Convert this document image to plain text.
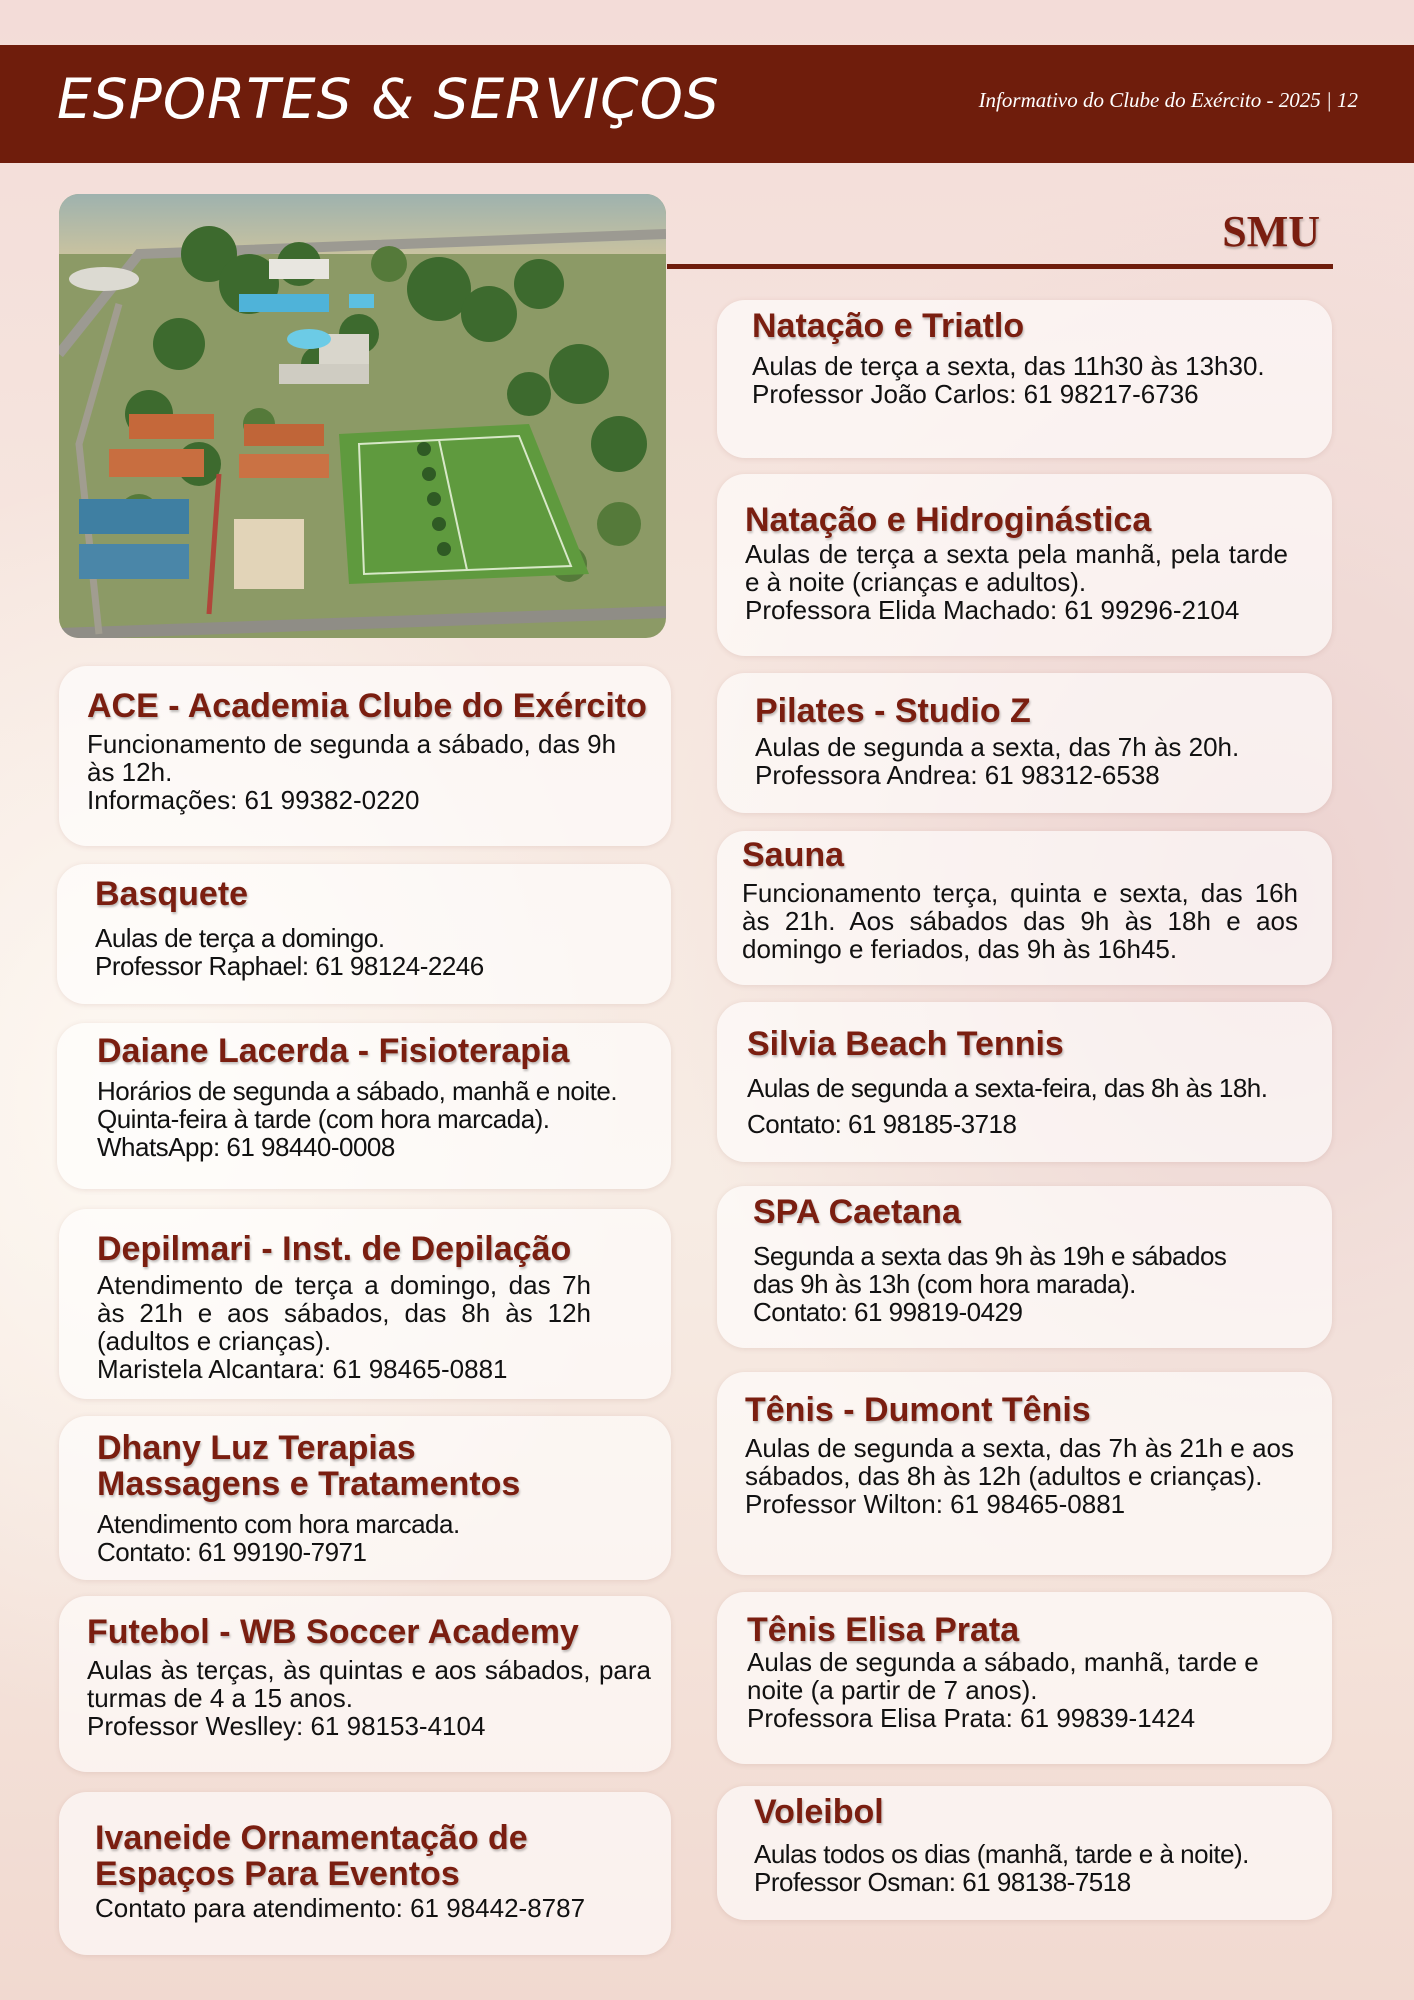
ESPORTES & SERVIÇOS	Informativo do Clube do Exército - 2025 | 12
SMU
ACE - Academia Clube do Exército
Funcionamento de segunda a sábado, das 9h às 12h.
Informações: 61 99382-0220
Basquete
Aulas de terça a domingo.
Professor Raphael: 61 98124-2246
Daiane Lacerda - Fisioterapia
Horários de segunda a sábado, manhã e noite.
Quinta-feira à tarde (com hora marcada).
WhatsApp: 61 98440-0008
Depilmari - Inst. de Depilação
Atendimento de terça a domingo, das 7h às 21h e aos sábados, das 8h às 12h (adultos e crianças).
Maristela Alcantara: 61 98465-0881
Dhany Luz Terapias
Massagens e Tratamentos
Atendimento com hora marcada.
Contato: 61 99190-7971
Futebol - WB Soccer Academy
Aulas às terças, às quintas e aos sábados, para turmas de 4 a 15 anos.
Professor Weslley: 61 98153-4104
Ivaneide Ornamentação de
Espaços Para Eventos
Contato para atendimento: 61 98442-8787
Natação e Triatlo
Aulas de terça a sexta, das 11h30 às 13h30.
Professor João Carlos: 61 98217-6736
Natação e Hidroginástica
Aulas de terça a sexta pela manhã, pela tarde e à noite (crianças e adultos).
Professora Elida Machado: 61 99296-2104
Pilates - Studio Z
Aulas de segunda a sexta, das 7h às 20h.
Professora Andrea: 61 98312-6538
Sauna
Funcionamento terça, quinta e sexta, das 16h às 21h. Aos sábados das 9h às 18h e aos domingo e feriados, das 9h às 16h45.
Silvia Beach Tennis
Aulas de segunda a sexta-feira, das 8h às 18h.
Contato: 61 98185-3718
SPA Caetana
Segunda a sexta das 9h às 19h e sábados das 9h às 13h (com hora marada).
Contato: 61 99819-0429
Tênis - Dumont Tênis
Aulas de segunda a sexta, das 7h às 21h e aos sábados, das 8h às 12h (adultos e crianças).
Professor Wilton: 61 98465-0881
Tênis Elisa Prata
Aulas de segunda a sábado, manhã, tarde e noite (a partir de 7 anos).
Professora Elisa Prata: 61 99839-1424
Voleibol
Aulas todos os dias (manhã, tarde e à noite).
Professor Osman: 61 98138-7518
